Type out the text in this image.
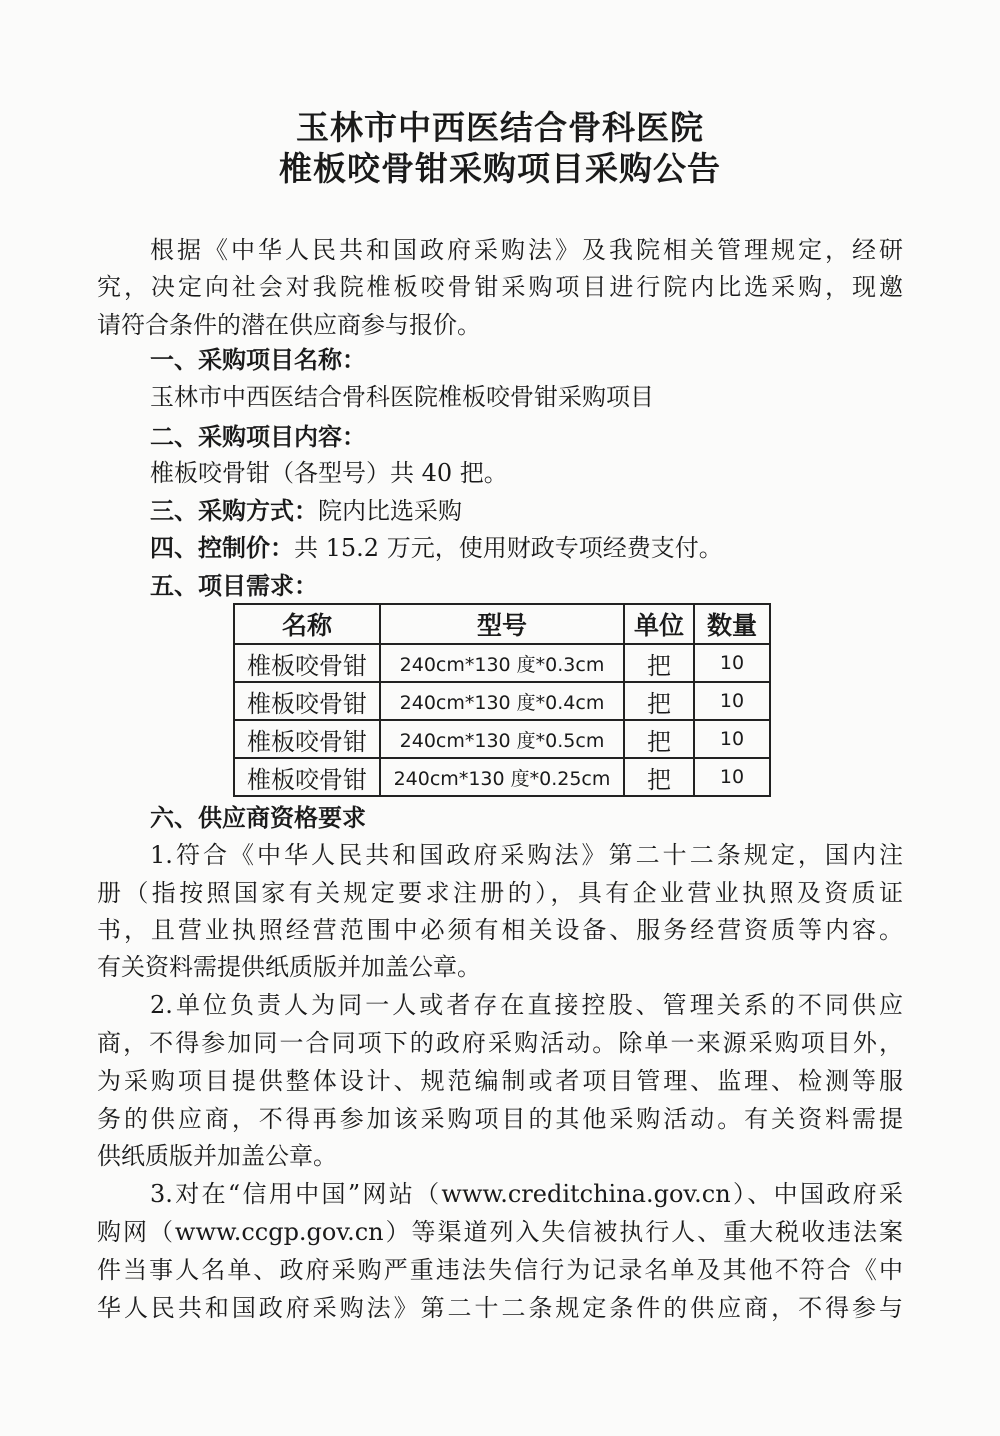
玉林市中西医结合骨科医院
椎板咬骨钳采购项目采购公告
根据《中华人民共和国政府采购法》及我院相关管理规定，经研
究，决定向社会对我院椎板咬骨钳采购项目进行院内比选采购，现邀
请符合条件的潜在供应商参与报价。
一、采购项目名称：
玉林市中西医结合骨科医院椎板咬骨钳采购项目
二、采购项目内容：
椎板咬骨钳（各型号）共 40 把。
三、采购方式：院内比选采购
四、控制价：共 15.2 万元，使用财政专项经费支付。
五、项目需求：
名称	型号	单位	数量
椎板咬骨钳	240cm*130 度*0.3cm	把	10
椎板咬骨钳	240cm*130 度*0.4cm	把	10
椎板咬骨钳	240cm*130 度*0.5cm	把	10
椎板咬骨钳	240cm*130 度*0.25cm	把	10
六、供应商资格要求
1.符合《中华人民共和国政府采购法》第二十二条规定，国内注
册（指按照国家有关规定要求注册的），具有企业营业执照及资质证
书，且营业执照经营范围中必须有相关设备、服务经营资质等内容。
有关资料需提供纸质版并加盖公章。
2.单位负责人为同一人或者存在直接控股、管理关系的不同供应
商，不得参加同一合同项下的政府采购活动。除单一来源采购项目外，
为采购项目提供整体设计、规范编制或者项目管理、监理、检测等服
务的供应商，不得再参加该采购项目的其他采购活动。有关资料需提
供纸质版并加盖公章。
3.对在“信用中国”网站（www.creditchina.gov.cn）、中国政府采
购网（www.ccgp.gov.cn）等渠道列入失信被执行人、重大税收违法案
件当事人名单、政府采购严重违法失信行为记录名单及其他不符合《中
华人民共和国政府采购法》第二十二条规定条件的供应商，不得参与
